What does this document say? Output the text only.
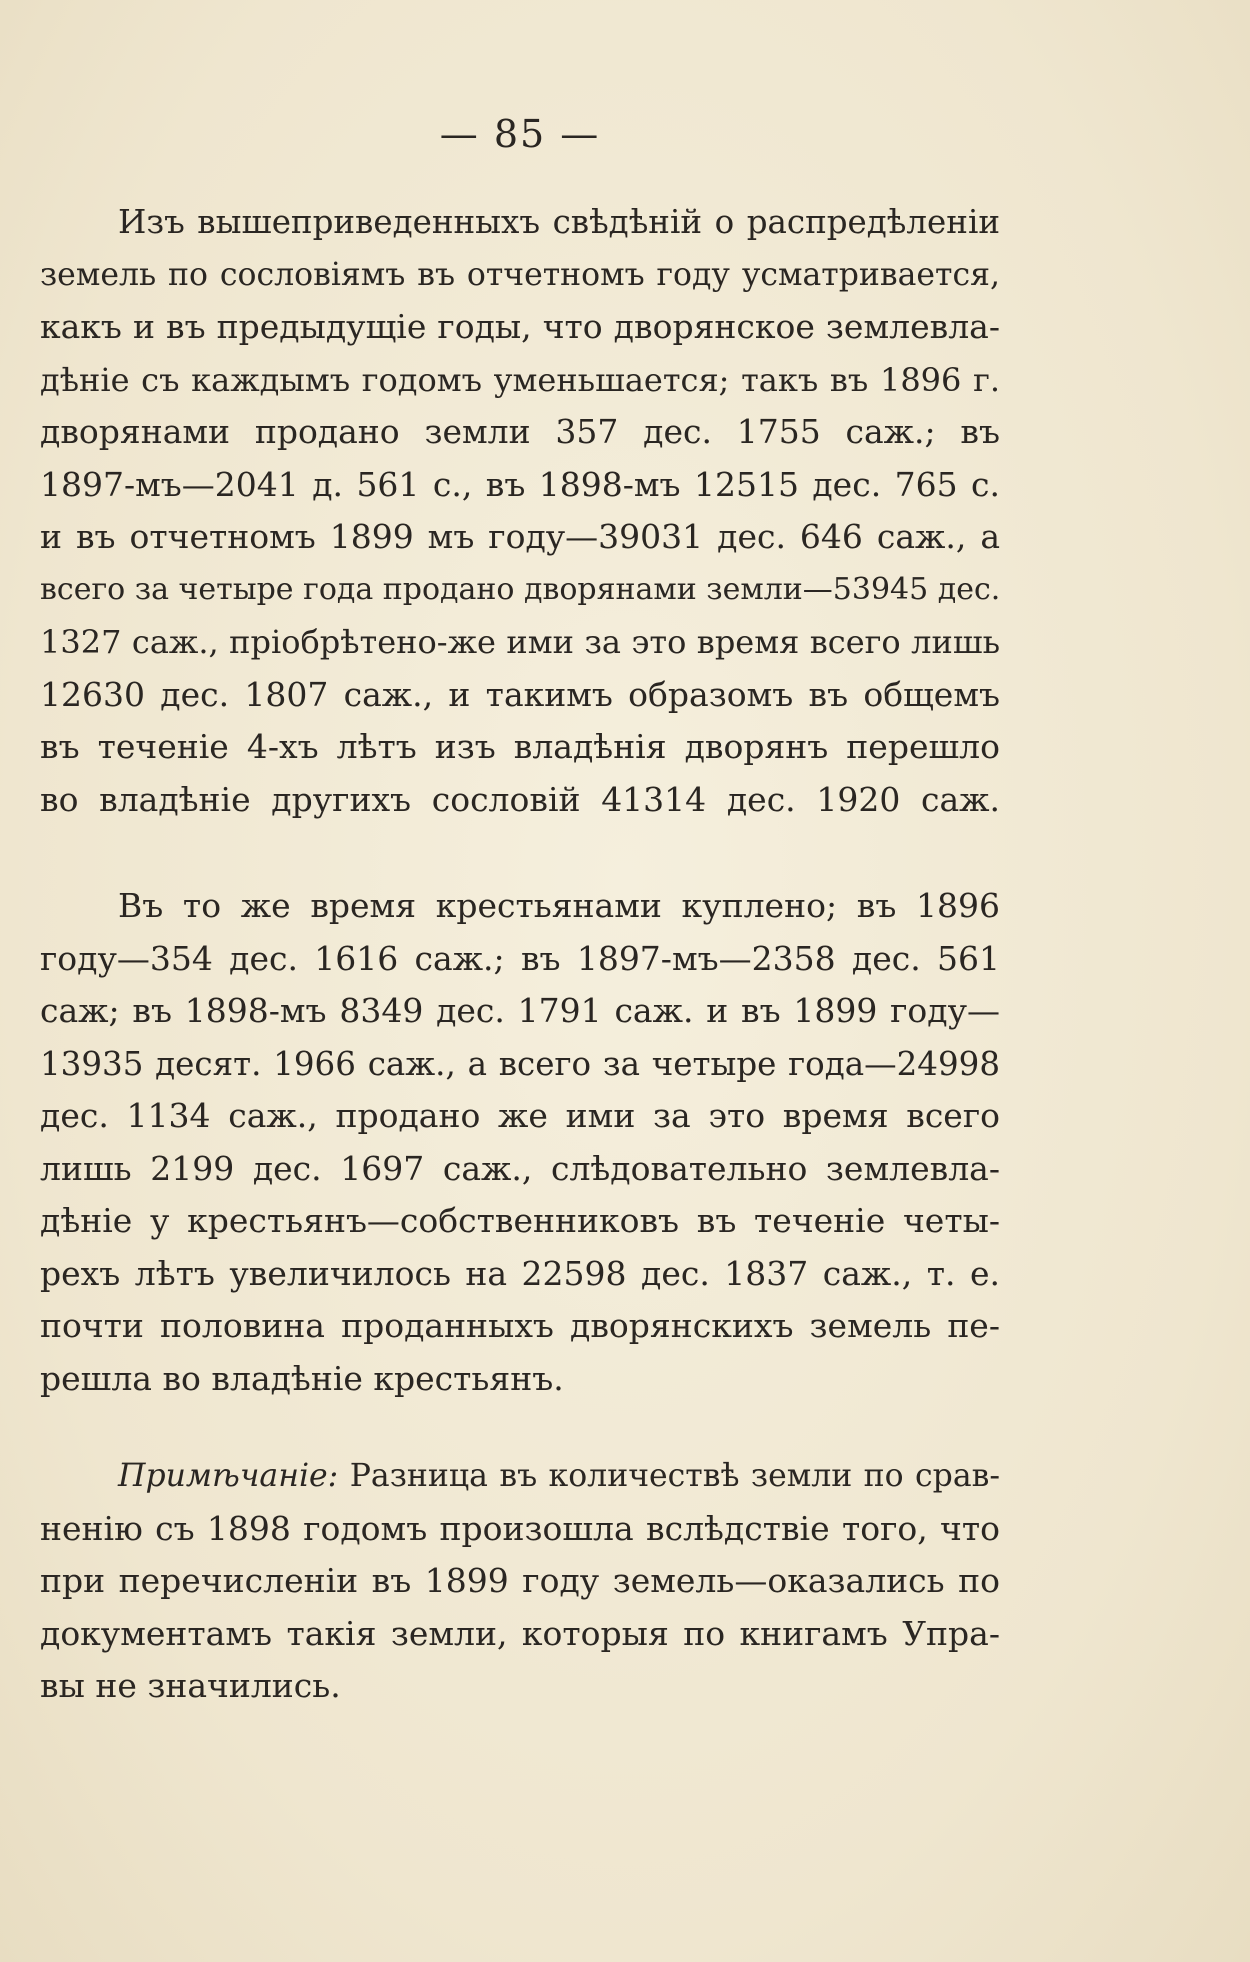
— 85 —
Изъ вышеприведенныхъ свѣдѣній о распредѣленіи
земель по сословіямъ въ отчетномъ году усматривается,
какъ и въ предыдущіе годы, что дворянское землевла-
дѣніе съ каждымъ годомъ уменьшается; такъ въ 1896 г.
дворянами продано земли 357 дес. 1755 саж.; въ
1897-мъ—2041 д. 561 с., въ 1898-мъ 12515 дес. 765 с.
и въ отчетномъ 1899 мъ году—39031 дес. 646 саж., а
всего за четыре года продано дворянами земли—53945 дес.
1327 саж., пріобрѣтено-же ими за это время всего лишь
12630 дес. 1807 саж., и такимъ образомъ въ общемъ
въ теченіе 4-хъ лѣтъ изъ владѣнія дворянъ перешло
во владѣніе другихъ сословій 41314 дес. 1920 саж.
Въ то же время крестьянами куплено; въ 1896
году—354 дес. 1616 саж.; въ 1897-мъ—2358 дес. 561
саж; въ 1898-мъ 8349 дес. 1791 саж. и въ 1899 году—
13935 десят. 1966 саж., а всего за четыре года—24998
дес. 1134 саж., продано же ими за это время всего
лишь 2199 дес. 1697 саж., слѣдовательно землевла-
дѣніе у крестьянъ—собственниковъ въ теченіе четы-
рехъ лѣтъ увеличилось на 22598 дес. 1837 саж., т. е.
почти половина проданныхъ дворянскихъ земель пе-
решла во владѣніе крестьянъ.
Примѣчаніе: Разница въ количествѣ земли по срав-
ненію съ 1898 годомъ произошла вслѣдствіе того, что
при перечисленіи въ 1899 году земель—оказались по
документамъ такія земли, которыя по книгамъ Упра-
вы не значились.
